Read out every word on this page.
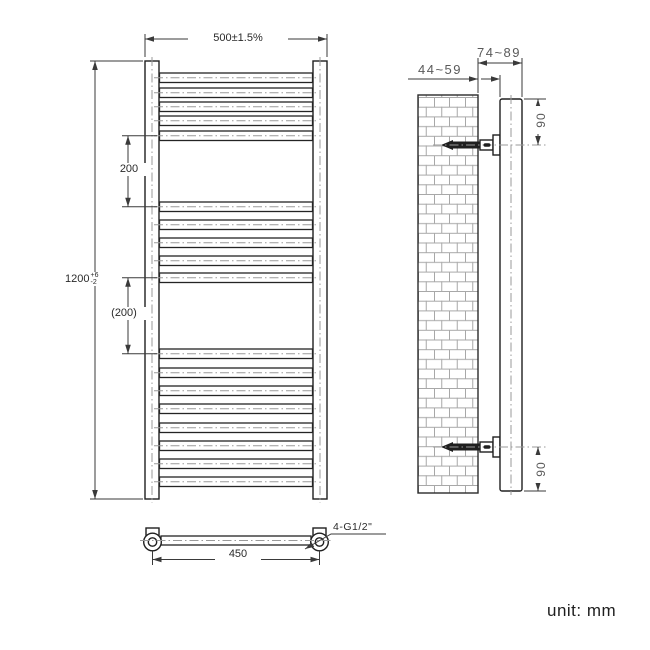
500±1.5%
1200 +6
-2
200
(200)
450
4-G1/2"
74~89
44~59
90
90
unit: mm
